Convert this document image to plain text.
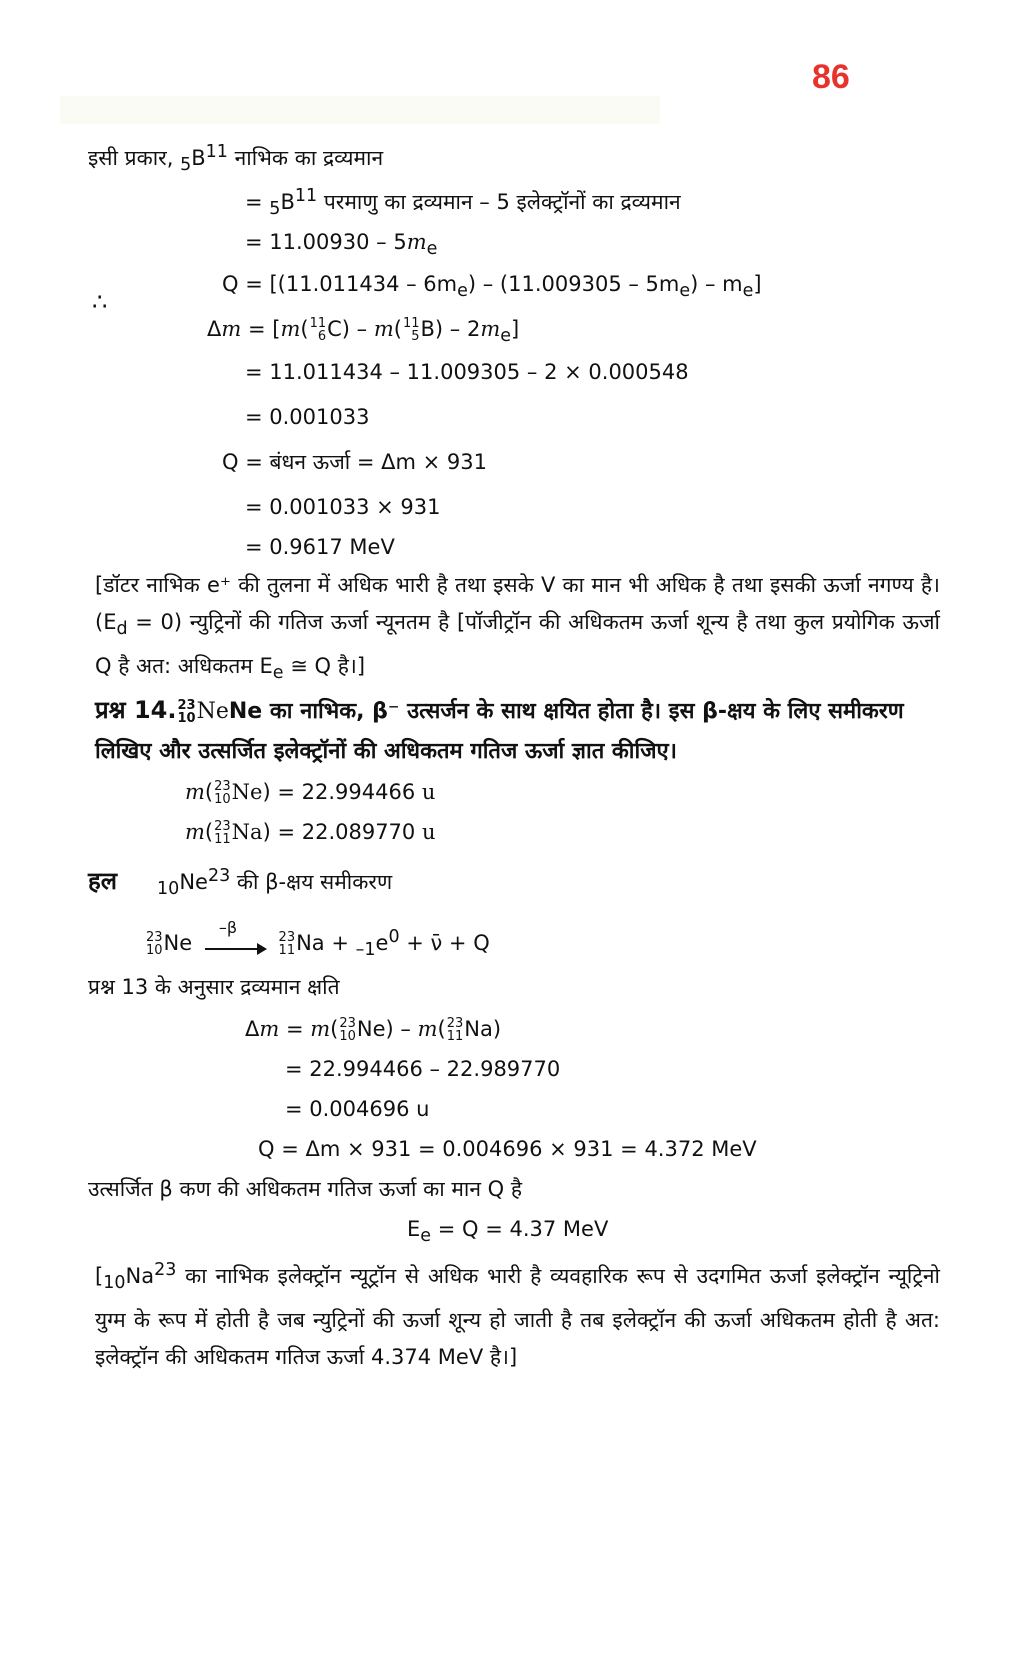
86
इसी प्रकार, $_5B^{11}$ नाभिक का द्रव्यमान
= $_5B^{11}$ परमाणु का द्रव्यमान – 5 इलेक्ट्रॉनों का द्रव्यमान
= $11.00930 - 5m_e$
∴
$Q = [(11.011434 - 6m_e) - (11.009305 - 5m_e) - m_e]$
Δm = [m( 11
6 C) – m( 11
5 $B) - 2m_e$]
= 11.011434 – 11.009305 – 2 × 0.000548
= 0.001033
Q = बंधन ऊर्जा = Δm × 931
= 0.001033 × 931
= 0.9617 MeV
[डॉटर नाभिक e⁺ की तुलना में अधिक भारी है तथा इसके V का मान भी अधिक है तथा इसकी ऊर्जा नगण्य है। $(E_d = 0)$ न्युट्रिनों की गतिज ऊर्जा न्यूनतम है [पॉजीट्रॉन की अधिकतम ऊर्जा शून्य है तथा कुल प्रयोगिक ऊर्जा Q है अत: अधिकतम $E_e$ ≅ Q है।]
प्रश्न 14. 23
10 NeNe का नाभिक, β⁻ उत्सर्जन के साथ क्षयित होता है। इस β-क्षय के लिए समीकरण
लिखिए और उत्सर्जित इलेक्ट्रॉनों की अधिकतम गतिज ऊर्जा ज्ञात कीजिए।
m( 23
10 Ne) = 22.994466 u
m( 23
11 Na) = 22.089770 u
हल $_{10}Ne^{23}$ की β-क्षय समीकरण
23
10 Ne
–β

23
11 $Na + _{-1}e^0$ + ν̄ + Q
प्रश्न 13 के अनुसार द्रव्यमान क्षति
Δm = m( 23
10 Ne) – m( 23
11 Na)
= 22.994466 – 22.989770
= 0.004696 u
Q = Δm × 931 = 0.004696 × 931 = 4.372 MeV
उत्सर्जित β कण की अधिकतम गतिज ऊर्जा का मान Q है
$E_e = Q = 4.37$ MeV
[$_{10}Na^{23}$ का नाभिक इलेक्ट्रॉन न्यूट्रॉन से अधिक भारी है व्यवहारिक रूप से उदगमित ऊर्जा इलेक्ट्रॉन न्यूट्रिनो युग्म के रूप में होती है जब न्युट्रिनों की ऊर्जा शून्य हो जाती है तब इलेक्ट्रॉन की ऊर्जा अधिकतम होती है अत: इलेक्ट्रॉन की अधिकतम गतिज ऊर्जा 4.374 MeV है।]
